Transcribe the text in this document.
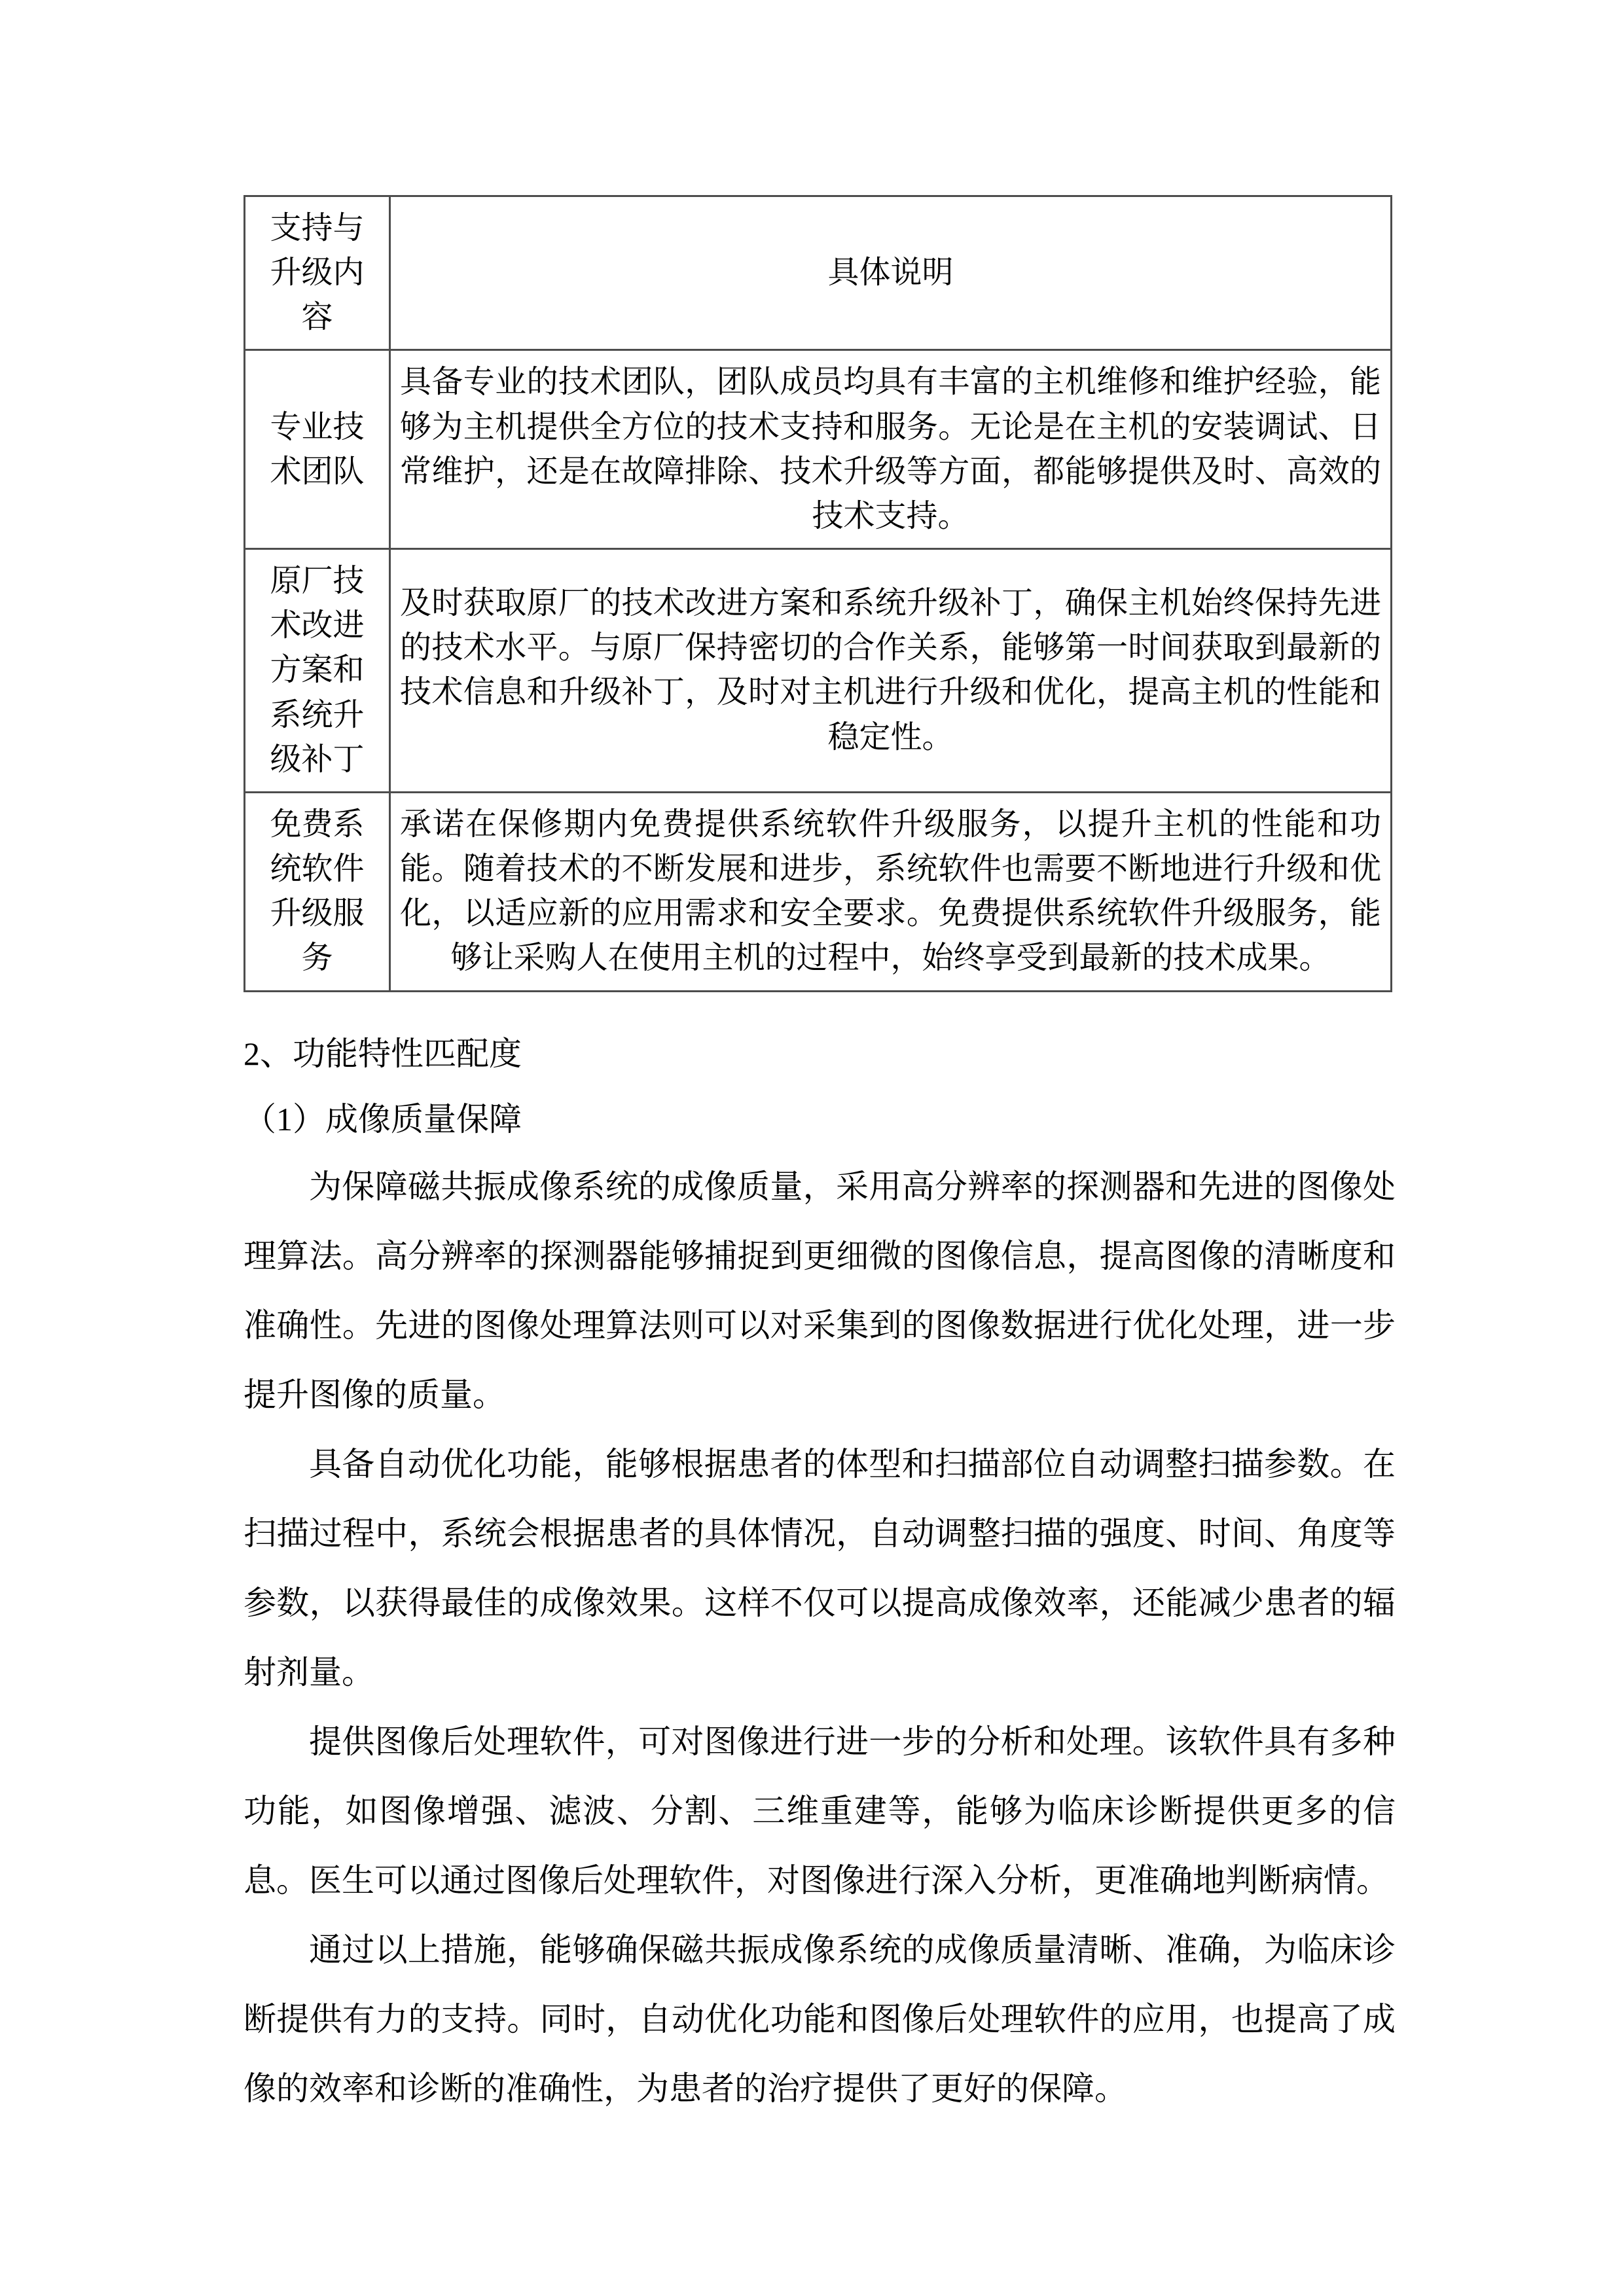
支持与升级内容	具体说明
专业技术团队	具备专业的技术团队，团队成员均具有丰富的主机维修和维护经验，能够为主机提供全方位的技术支持和服务。无论是在主机的安装调试、日常维护，还是在故障排除、技术升级等方面，都能够提供及时、高效的技术支持。
原厂技术改进方案和系统升级补丁	及时获取原厂的技术改进方案和系统升级补丁，确保主机始终保持先进的技术水平。与原厂保持密切的合作关系，能够第一时间获取到最新的技术信息和升级补丁，及时对主机进行升级和优化，提高主机的性能和稳定性。
免费系统软件升级服务	承诺在保修期内免费提供系统软件升级服务，以提升主机的性能和功能。随着技术的不断发展和进步，系统软件也需要不断地进行升级和优化，以适应新的应用需求和安全要求。免费提供系统软件升级服务，能够让采购人在使用主机的过程中，始终享受到最新的技术成果。
2、功能特性匹配度
（1）成像质量保障
为保障磁共振成像系统的成像质量，采用高分辨率的探测器和先进的图像处理算法。高分辨率的探测器能够捕捉到更细微的图像信息，提高图像的清晰度和准确性。先进的图像处理算法则可以对采集到的图像数据进行优化处理，进一步提升图像的质量。
具备自动优化功能，能够根据患者的体型和扫描部位自动调整扫描参数。在扫描过程中，系统会根据患者的具体情况，自动调整扫描的强度、时间、角度等参数，以获得最佳的成像效果。这样不仅可以提高成像效率，还能减少患者的辐射剂量。
提供图像后处理软件，可对图像进行进一步的分析和处理。该软件具有多种功能，如图像增强、滤波、分割、三维重建等，能够为临床诊断提供更多的信息。医生可以通过图像后处理软件，对图像进行深入分析，更准确地判断病情。
通过以上措施，能够确保磁共振成像系统的成像质量清晰、准确，为临床诊断提供有力的支持。同时，自动优化功能和图像后处理软件的应用，也提高了成像的效率和诊断的准确性，为患者的治疗提供了更好的保障。
